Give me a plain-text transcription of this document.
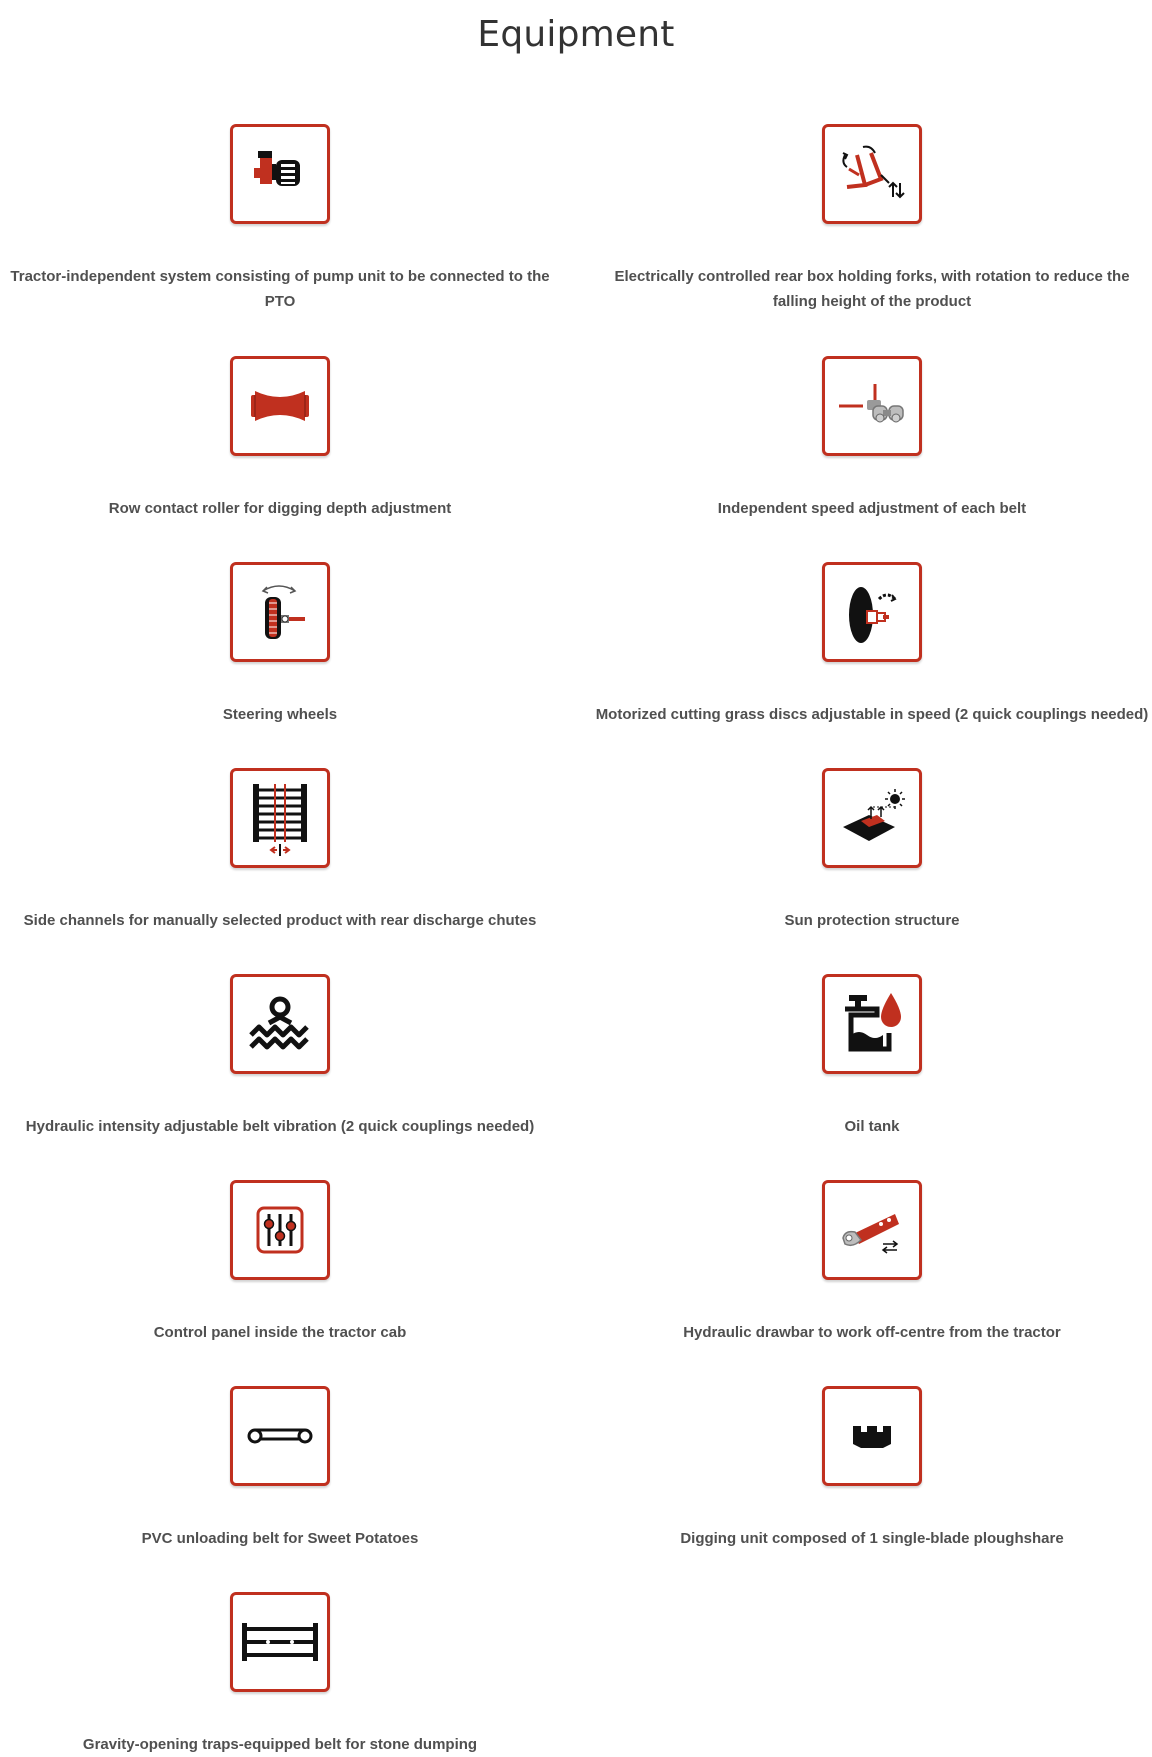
Equipment
Tractor-independent system consisting of pump unit to be connected to the PTO
Electrically controlled rear box holding forks, with rotation to reduce the falling height of the product
Row contact roller for digging depth adjustment	Independent speed adjustment of each belt
Steering wheels	Motorized cutting grass discs adjustable in speed (2 quick couplings needed)
Side channels for manually selected product with rear discharge chutes	Sun protection structure
Hydraulic intensity adjustable belt vibration (2 quick couplings needed)	Oil tank
Control panel inside the tractor cab	Hydraulic drawbar to work off-centre from the tractor
PVC unloading belt for Sweet Potatoes	Digging unit composed of 1 single-blade ploughshare
Gravity-opening traps-equipped belt for stone dumping
